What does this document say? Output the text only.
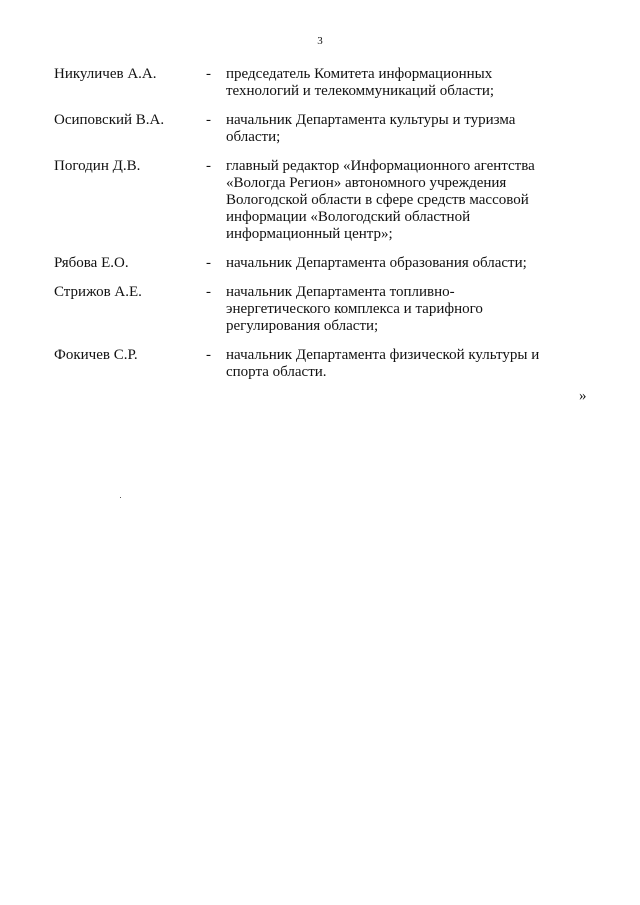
3
Никуличев А.А.	-	председатель Комитета информационных
технологий и телекоммуникаций области;
Осиповский В.А.	-	начальник Департамента культуры и туризма
области;
Погодин Д.В.	-	главный редактор «Информационного агентства
«Вологда Регион» автономного учреждения
Вологодской области в сфере средств массовой
информации «Вологодский областной
информационный центр»;
Рябова Е.О.	-	начальник Департамента образования области;
Стрижов А.Е.	-	начальник Департамента топливно-
энергетического комплекса и тарифного
регулирования области;
Фокичев С.Р.	-	начальник Департамента физической культуры и
спорта области.
»
